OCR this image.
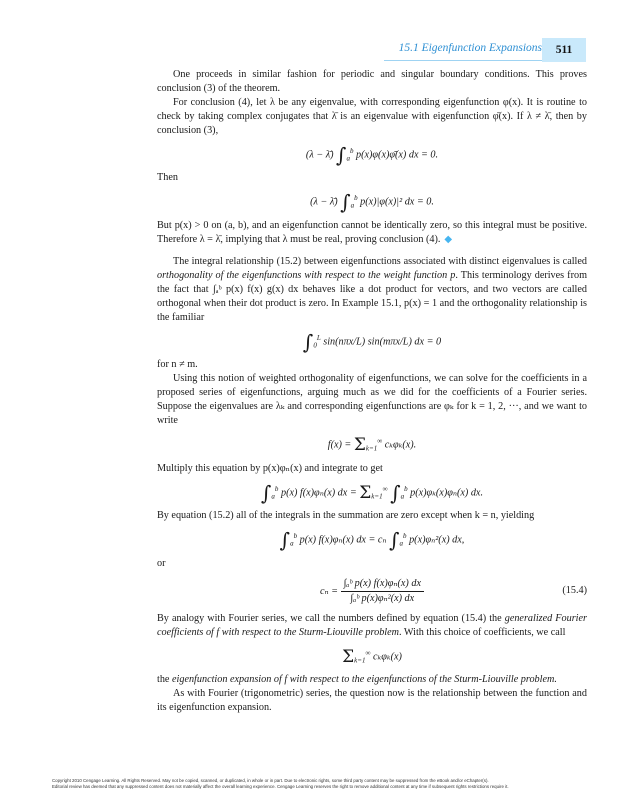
15.1 Eigenfunction Expansions	511

One proceeds in similar fashion for periodic and singular boundary conditions. This proves conclusion (3) of the theorem.

For conclusion (4), let λ be any eigenvalue, with corresponding eigenfunction φ(x). It is routine to check by taking complex conjugates that λ̄ is an eigenvalue with eigenfunction φ̄(x). If λ ≠ λ̄, then by conclusion (3),

(λ − λ̄) $\int_a^b$ p(x)φ(x)φ̄(x) dx = 0.

Then

(λ − λ̄) $\int_a^b$ p(x)|φ(x)|² dx = 0.

But p(x) > 0 on (a, b), and an eigenfunction cannot be identically zero, so this integral must be positive. Therefore λ = λ̄, implying that λ must be real, proving conclusion (4). ◆

The integral relationship (15.2) between eigenfunctions associated with distinct eigenvalues is called orthogonality of the eigenfunctions with respect to the weight function p. This terminology derives from the fact that ∫ₐᵇ p(x) f(x) g(x) dx behaves like a dot product for vectors, and two vectors are called orthogonal when their dot product is zero. In Example 15.1, p(x) = 1 and the orthogonality relationship is the familiar

$\int_0^L$ sin(nπx/L) sin(mπx/L) dx = 0

for n ≠ m.

Using this notion of weighted orthogonality of eigenfunctions, we can solve for the coefficients in a proposed series of eigenfunctions, arguing much as we did for the coefficients of a Fourier series. Suppose the eigenvalues are λₖ and corresponding eigenfunctions are φₖ for k = 1, 2, ···, and we want to write

$f(x) = \Sigma_{k=1}^\infty$ cₖφₖ(x).

Multiply this equation by p(x)φₙ(x) and integrate to get

$\int_a^b$ p(x) f(x)φₙ(x) dx = $\Sigma_{k=1}^\infty$ $\int_a^b$ p(x)φₖ(x)φₙ(x) dx.

By equation (15.2) all of the integrals in the summation are zero except when k = n, yielding

$\int_a^b$ p(x) f(x)φₙ(x) dx = cₙ $\int_a^b$ p(x)φₙ²(x) dx,

or

$c_n = \frac{\text{∫ₐᵇ p(x) f(x)φₙ(x) dx}}{\text{∫ₐᵇ p(x)φₙ²(x) dx}}$	(15.4)

By analogy with Fourier series, we call the numbers defined by equation (15.4) the generalized Fourier coefficients of f with respect to the Sturm-Liouville problem. With this choice of coefficients, we call

$\Sigma_{k=1}^\infty$ cₖφₖ(x)

the eigenfunction expansion of f with respect to the eigenfunctions of the Sturm-Liouville problem.

As with Fourier (trigonometric) series, the question now is the relationship between the function and its eigenfunction expansion.

Copyright 2010 Cengage Learning. All Rights Reserved. May not be copied, scanned, or duplicated, in whole or in part. Due to electronic rights, some third party content may be suppressed from the eBook and/or eChapter(s).
Editorial review has deemed that any suppressed content does not materially affect the overall learning experience. Cengage Learning reserves the right to remove additional content at any time if subsequent rights restrictions require it.
